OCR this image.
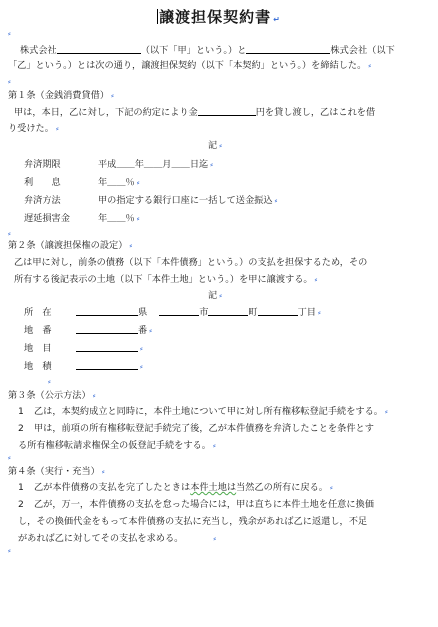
譲渡担保契約書 ↵
⸗
株式会社	（以下「甲」という。）と	株式会社（以下
「乙」という。）とは次の通り，譲渡担保契約（以下「本契約」という。）を締結した。 ⸗
⸗
第１条（金銭消費貸借） ⸗
甲は，本日，乙に対し，下記の約定により金	円を貸し渡し，乙はこれを借
り受けた。 ⸗
記 ⸗
弁済期限	平成＿＿年＿＿月＿＿日迄 ⸗
利　　息	年＿＿％ ⸗
弁済方法	甲の指定する銀行口座に一括して送金振込 ⸗
遅延損害金	年＿＿％ ⸗
⸗
第２条（譲渡担保権の設定） ⸗
乙は甲に対し，前条の債務（以下「本件債務」という。）の支払を担保するため，その
所有する後記表示の土地（以下「本件土地」という。）を甲に譲渡する。 ⸗
記 ⸗
所　在	県	市	町	丁目 ⸗
地　番	番 ⸗
地　目	⸗
地　積	⸗
⸗
第３条（公示方法） ⸗
1 乙は，本契約成立と同時に，本件土地について甲に対し所有権移転登記手続をする。 ⸗
2 甲は，前項の所有権移転登記手続完了後，乙が本件債務を弁済したことを条件とす
る所有権移転請求権保全の仮登記手続をする。 ⸗
⸗
第４条（実行・充当） ⸗
1 乙が本件債務の支払を完了したときは本件土地は当然乙の所有に戻る。 ⸗
2 乙が，万一，本件債務の支払を怠った場合には，甲は直ちに本件土地を任意に換価
し，その換価代金をもって本件債務の支払に充当し，残余があれば乙に返還し，不足
があれば乙に対してその支払を求める。	⸗
⸗
